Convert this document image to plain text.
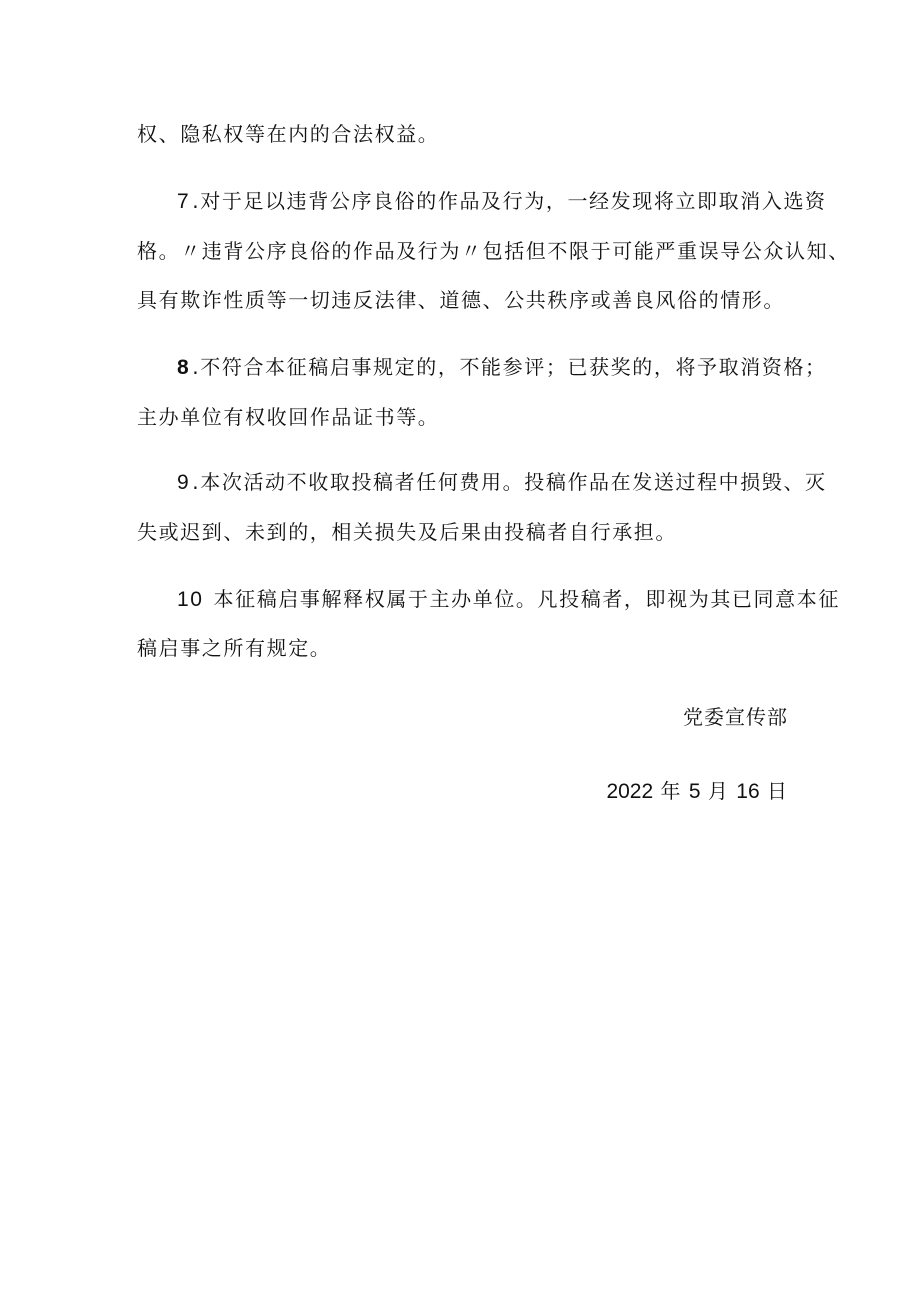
权、隐私权等在内的合法权益。
7 .对于足以违背公序良俗的作品及行为，一经发现将立即取消入选资
格。〃违背公序良俗的作品及行为〃包括但不限于可能严重误导公众认知、
具有欺诈性质等一切违反法律、道德、公共秩序或善良风俗的情形。
8 .不符合本征稿启事规定的，不能参评；已获奖的，将予取消资格；
主办单位有权收回作品证书等。
9 .本次活动不收取投稿者任何费用。投稿作品在发送过程中损毁、灭
失或迟到、未到的，相关损失及后果由投稿者自行承担。
10 本征稿启事解释权属于主办单位。凡投稿者，即视为其已同意本征
稿启事之所有规定。
党委宣传部
2022 年 5 月 16 日
